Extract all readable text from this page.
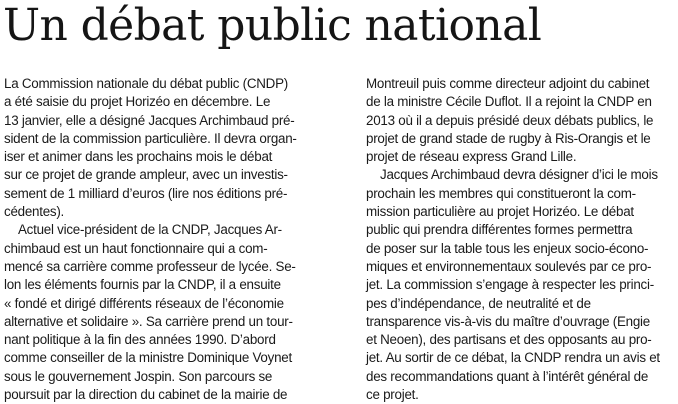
Un débat public national
La Commission nationale du débat public (CNDP)
a été saisie du projet Horizéo en décembre. Le
13 janvier, elle a désigné Jacques Archimbaud pré-
sident de la commission particulière. Il devra organ-
iser et animer dans les prochains mois le débat
sur ce projet de grande ampleur, avec un investis-
sement de 1 milliard d’euros (lire nos éditions pré-
cédentes).
Actuel vice-président de la CNDP, Jacques Ar-
chimbaud est un haut fonctionnaire qui a com-
mencé sa carrière comme professeur de lycée. Se-
lon les éléments fournis par la CNDP, il a ensuite
« fondé et dirigé différents réseaux de l’économie
alternative et solidaire ». Sa carrière prend un tour-
nant politique à la fin des années 1990. D’abord
comme conseiller de la ministre Dominique Voynet
sous le gouvernement Jospin. Son parcours se
poursuit par la direction du cabinet de la mairie de
Montreuil puis comme directeur adjoint du cabinet
de la ministre Cécile Duflot. Il a rejoint la CNDP en
2013 où il a depuis présidé deux débats publics, le
projet de grand stade de rugby à Ris-Orangis et le
projet de réseau express Grand Lille.
Jacques Archimbaud devra désigner d’ici le mois
prochain les membres qui constitueront la com-
mission particulière au projet Horizéo. Le débat
public qui prendra différentes formes permettra
de poser sur la table tous les enjeux socio-écono-
miques et environnementaux soulevés par ce pro-
jet. La commission s’engage à respecter les princi-
pes d’indépendance, de neutralité et de
transparence vis-à-vis du maître d’ouvrage (Engie
et Neoen), des partisans et des opposants au pro-
jet. Au sortir de ce débat, la CNDP rendra un avis et
des recommandations quant à l’intérêt général de
ce projet.
